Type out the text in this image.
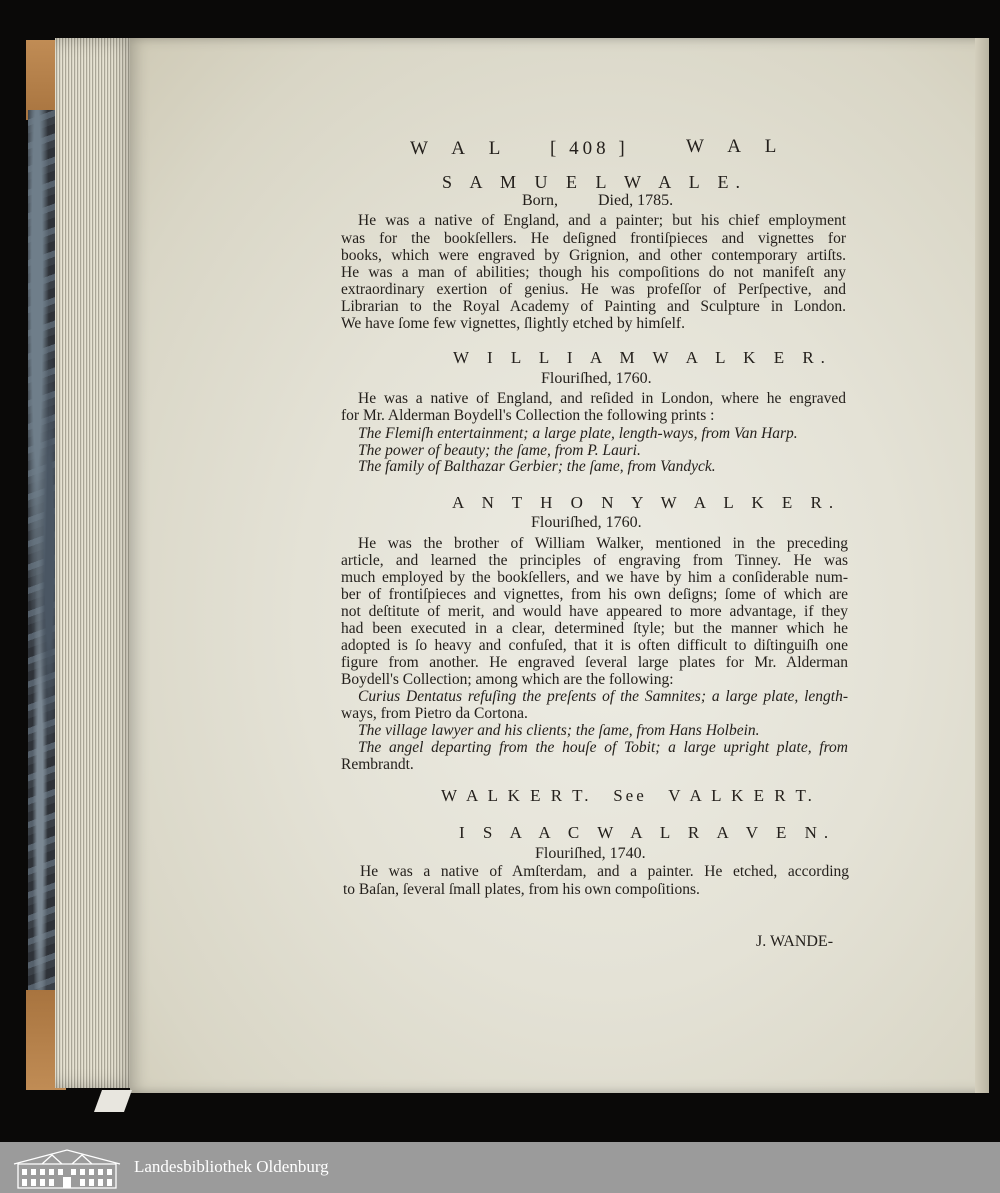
W A L [ 408 ]	W A L
S A M U E L W A L E.
Born,          Died, 1785.
He was a native of England, and a painter; but his chief employment
was for the bookſellers. He deſigned frontiſpieces and vignettes for
books, which were engraved by Grignion, and other contemporary artiſts.
He was a man of abilities; though his compoſitions do not manifeſt any
extraordinary exertion of genius. He was profeſſor of Perſpective, and
Librarian to the Royal Academy of Painting and Sculpture in London.
We have ſome few vignettes, ſlightly etched by himſelf.
W I L L I A M W A L K E R.
Flouriſhed, 1760.
He was a native of England, and reſided in London, where he engraved
for Mr. Alderman Boydell's Collection the following prints :
The Flemiſh entertainment; a large plate, length-ways, from Van Harp.
The power of beauty; the ſame, from P. Lauri.
The family of Balthazar Gerbier; the ſame, from Vandyck.
A N T H O N Y W A L K E R.
Flouriſhed, 1760.
He was the brother of William Walker, mentioned in the preceding
article, and learned the principles of engraving from Tinney. He was
much employed by the bookſellers, and we have by him a conſiderable num-
ber of frontiſpieces and vignettes, from his own deſigns; ſome of which are
not deſtitute of merit, and would have appeared to more advantage, if they
had been executed in a clear, determined ſtyle; but the manner which he
adopted is ſo heavy and confuſed, that it is often difficult to diſtinguiſh one
figure from another. He engraved ſeveral large plates for Mr. Alderman
Boydell's Collection; among which are the following:
Curius Dentatus refuſing the preſents of the Samnites; a large plate, length-
ways, from Pietro da Cortona.
The village lawyer and his clients; the ſame, from Hans Holbein.
The angel departing from the houſe of Tobit; a large upright plate, from
Rembrandt.
W A L K E R T.   See   V A L K E R T.
I S A A C W A L R A V E N.
Flouriſhed, 1740.
He was a native of Amſterdam, and a painter. He etched, according
to Baſan, ſeveral ſmall plates, from his own compoſitions.
J. WANDE-
Landesbibliothek Oldenburg
